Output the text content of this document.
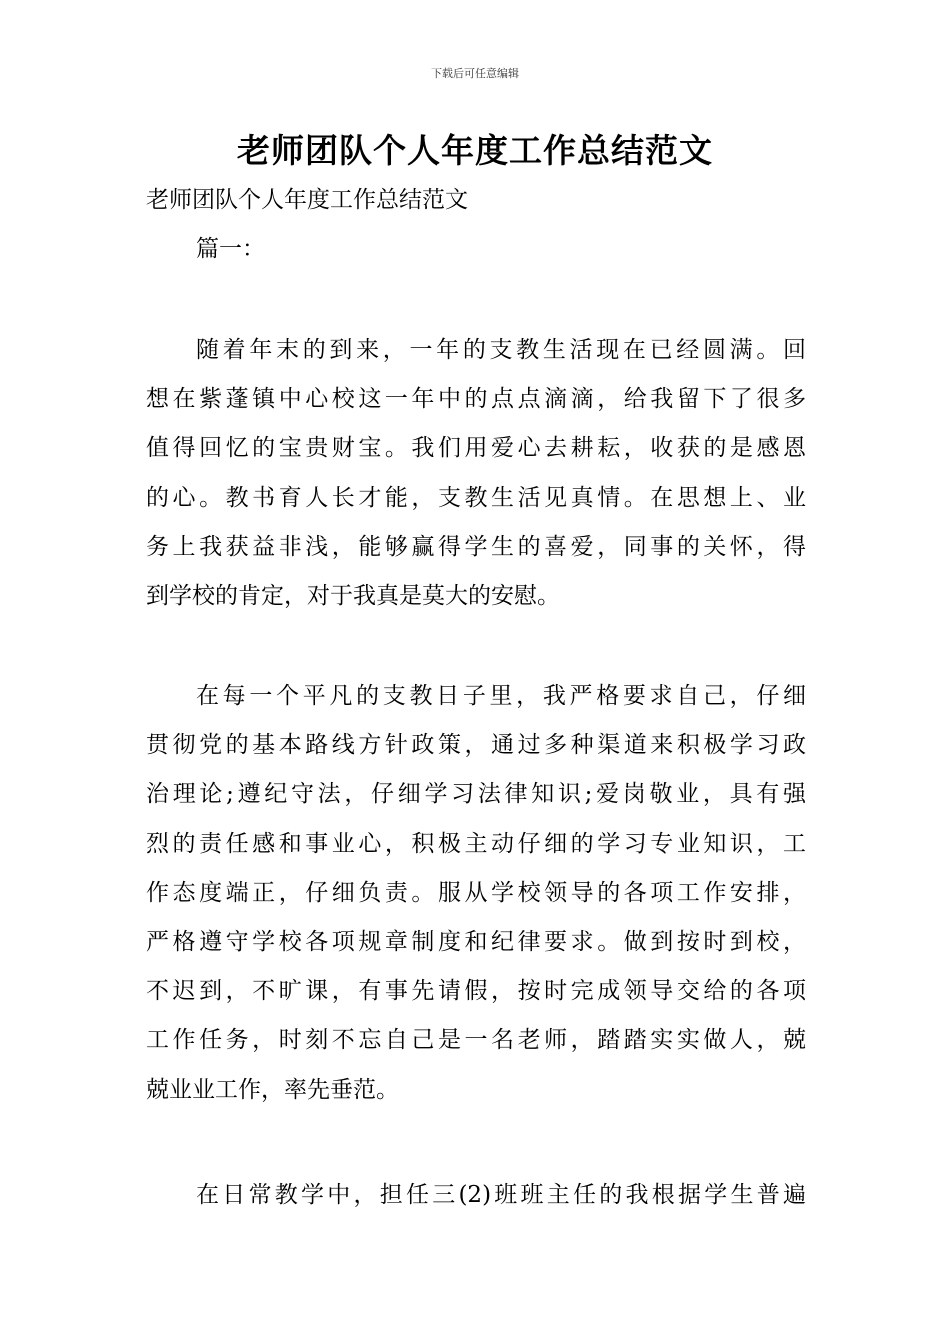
下载后可任意编辑
老师团队个人年度工作总结范文
老师团队个人年度工作总结范文
篇一：
随着年末的到来，一年的支教生活现在已经圆满。回
想在紫蓬镇中心校这一年中的点点滴滴，给我留下了很多
值得回忆的宝贵财宝。我们用爱心去耕耘，收获的是感恩
的心。教书育人长才能，支教生活见真情。在思想上、业
务上我获益非浅，能够赢得学生的喜爱，同事的关怀，得
到学校的肯定，对于我真是莫大的安慰。
在每一个平凡的支教日子里，我严格要求自己，仔细
贯彻党的基本路线方针政策，通过多种渠道来积极学习政
治理论;遵纪守法，仔细学习法律知识;爱岗敬业，具有强
烈的责任感和事业心，积极主动仔细的学习专业知识，工
作态度端正，仔细负责。服从学校领导的各项工作安排，
严格遵守学校各项规章制度和纪律要求。做到按时到校，
不迟到，不旷课，有事先请假，按时完成领导交给的各项
工作任务，时刻不忘自己是一名老师，踏踏实实做人，兢
兢业业工作，率先垂范。
在日常教学中，担任三(2)班班主任的我根据学生普遍
